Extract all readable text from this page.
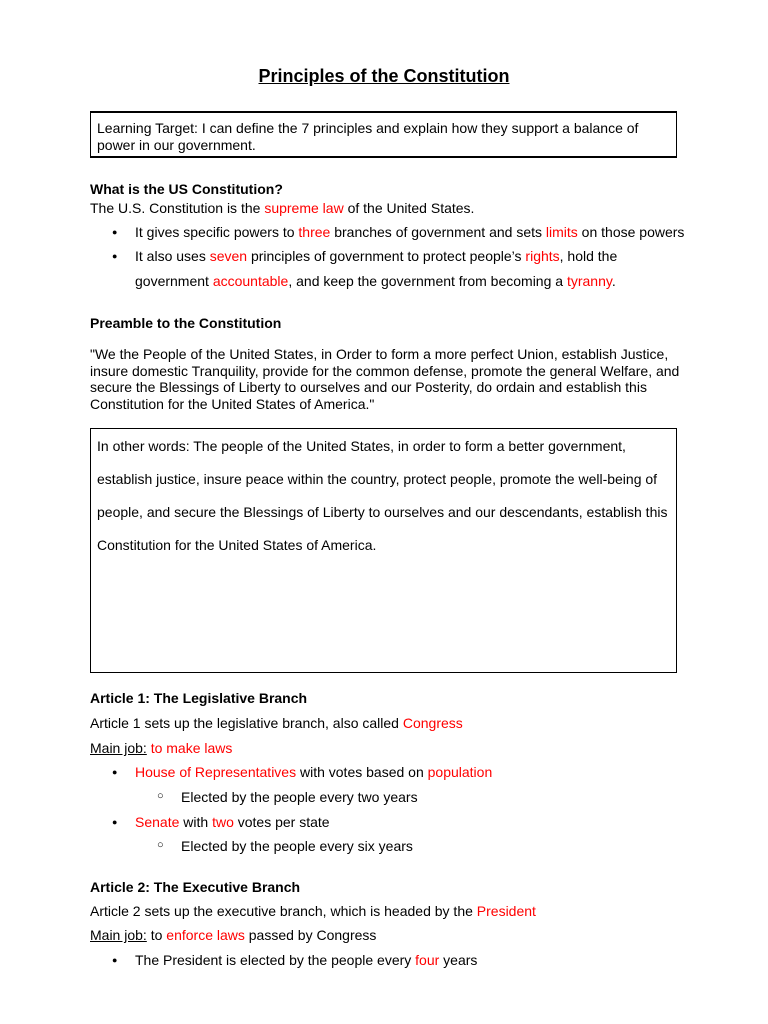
Principles of the Constitution
Learning Target: I can define the 7 principles and explain how they support a balance of power in our government.
What is the US Constitution?
The U.S. Constitution is the supreme law of the United States.
It gives specific powers to three branches of government and sets limits on those powers
It also uses seven principles of government to protect people’s rights, hold the
government accountable, and keep the government from becoming a tyranny.
Preamble to the Constitution
"We the People of the United States, in Order to form a more perfect Union, establish Justice, insure domestic Tranquility, provide for the common defense, promote the general Welfare, and secure the Blessings of Liberty to ourselves and our Posterity, do ordain and establish this Constitution for the United States of America."
In other words: The people of the United States, in order to form a better government,
establish justice, insure peace within the country, protect people, promote the well-being of
people, and secure the Blessings of Liberty to ourselves and our descendants, establish this
Constitution for the United States of America.
Article 1: The Legislative Branch
Article 1 sets up the legislative branch, also called Congress
Main job: to make laws
House of Representatives with votes based on population
Elected by the people every two years
Senate with two votes per state
Elected by the people every six years
Article 2: The Executive Branch
Article 2 sets up the executive branch, which is headed by the President
Main job: to enforce laws passed by Congress
The President is elected by the people every four years
